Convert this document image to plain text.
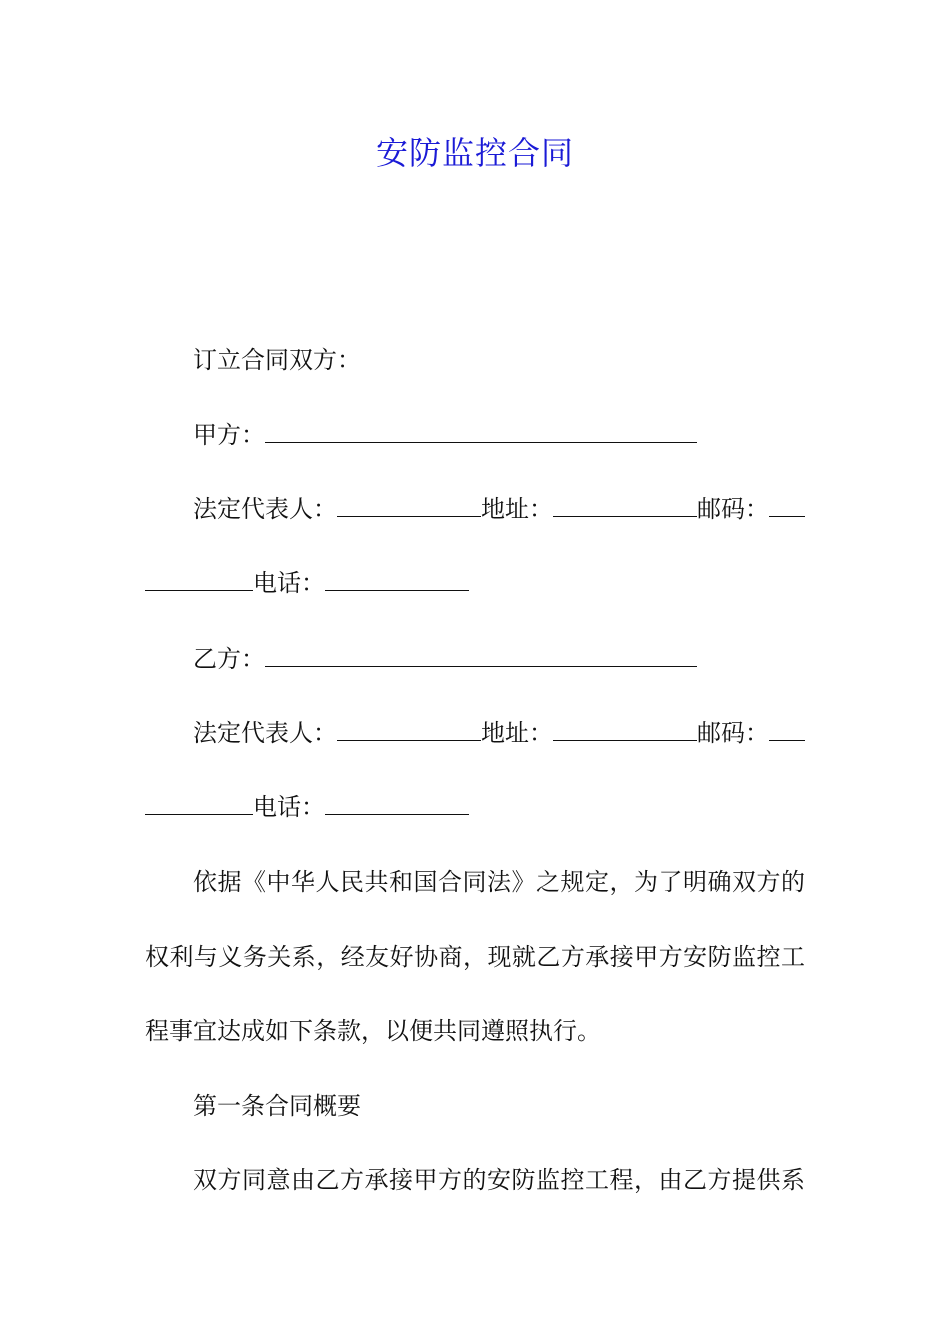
安防监控合同
订立合同双方：
甲方：
法定代表人：	地址：	邮码：
电话：
乙方：
法定代表人：	地址：	邮码：
电话：
依据《中华人民共和国合同法》之规定，为了明确双方的
权利与义务关系，经友好协商，现就乙方承接甲方安防监控工
程事宜达成如下条款，以便共同遵照执行。
第一条合同概要
双方同意由乙方承接甲方的安防监控工程，由乙方提供系
